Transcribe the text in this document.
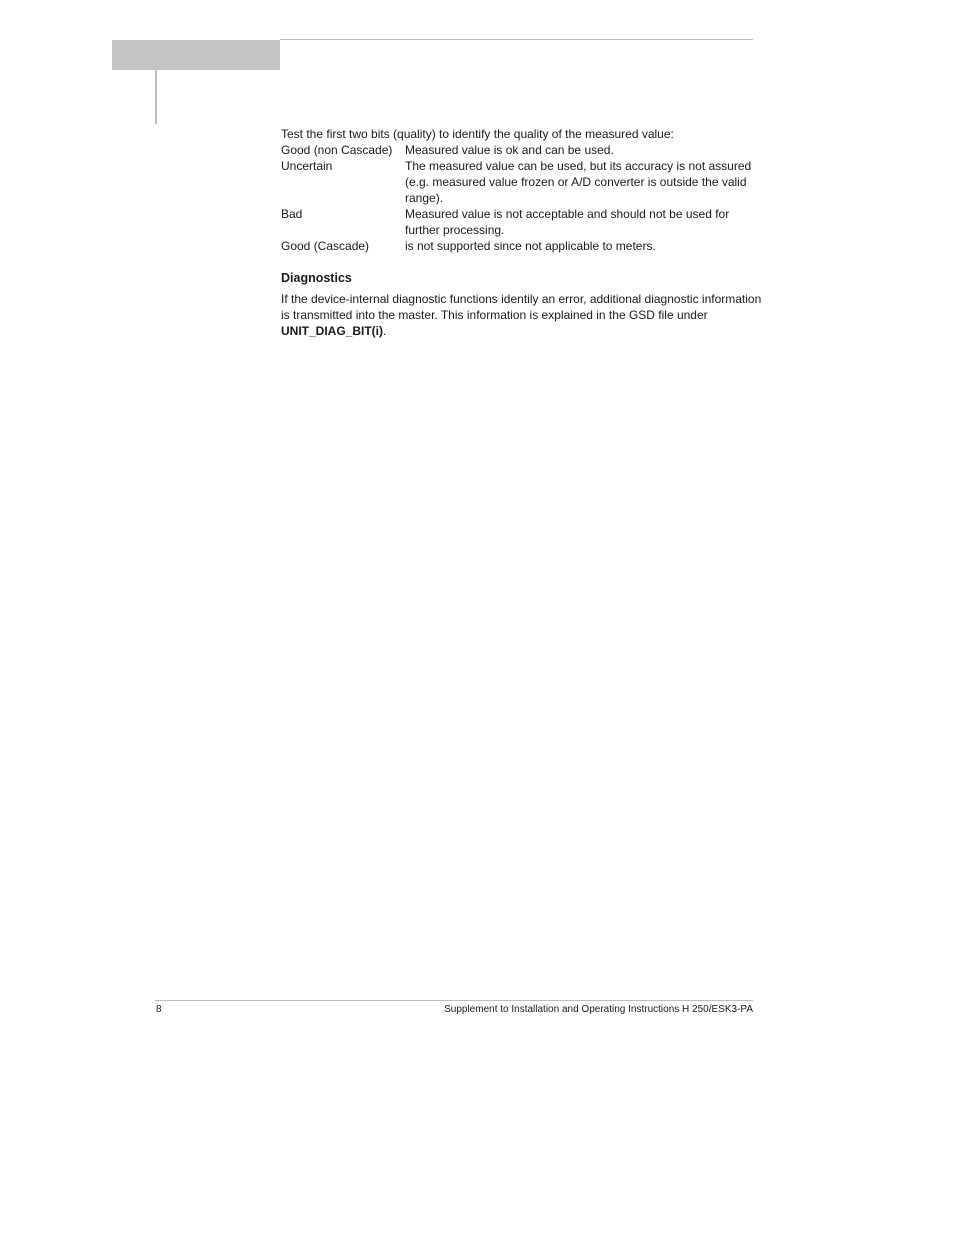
Test the first two bits (quality) to identify the quality of the measured value:

Good (non Cascade)	Measured value is ok and can be used.
Uncertain	The measured value can be used, but its accuracy is not assured (e.g. measured value frozen or A/D converter is outside the valid range).
Bad	Measured value is not acceptable and should not be used for further processing.
Good (Cascade)	is not supported since not applicable to meters.
Diagnostics

If the device-internal diagnostic functions identily an error, additional diagnostic information is transmitted into the master. This information is explained in the GSD file under UNIT_DIAG_BIT(i).

8	Supplement to Installation and Operating Instructions H 250/ESK3-PA
